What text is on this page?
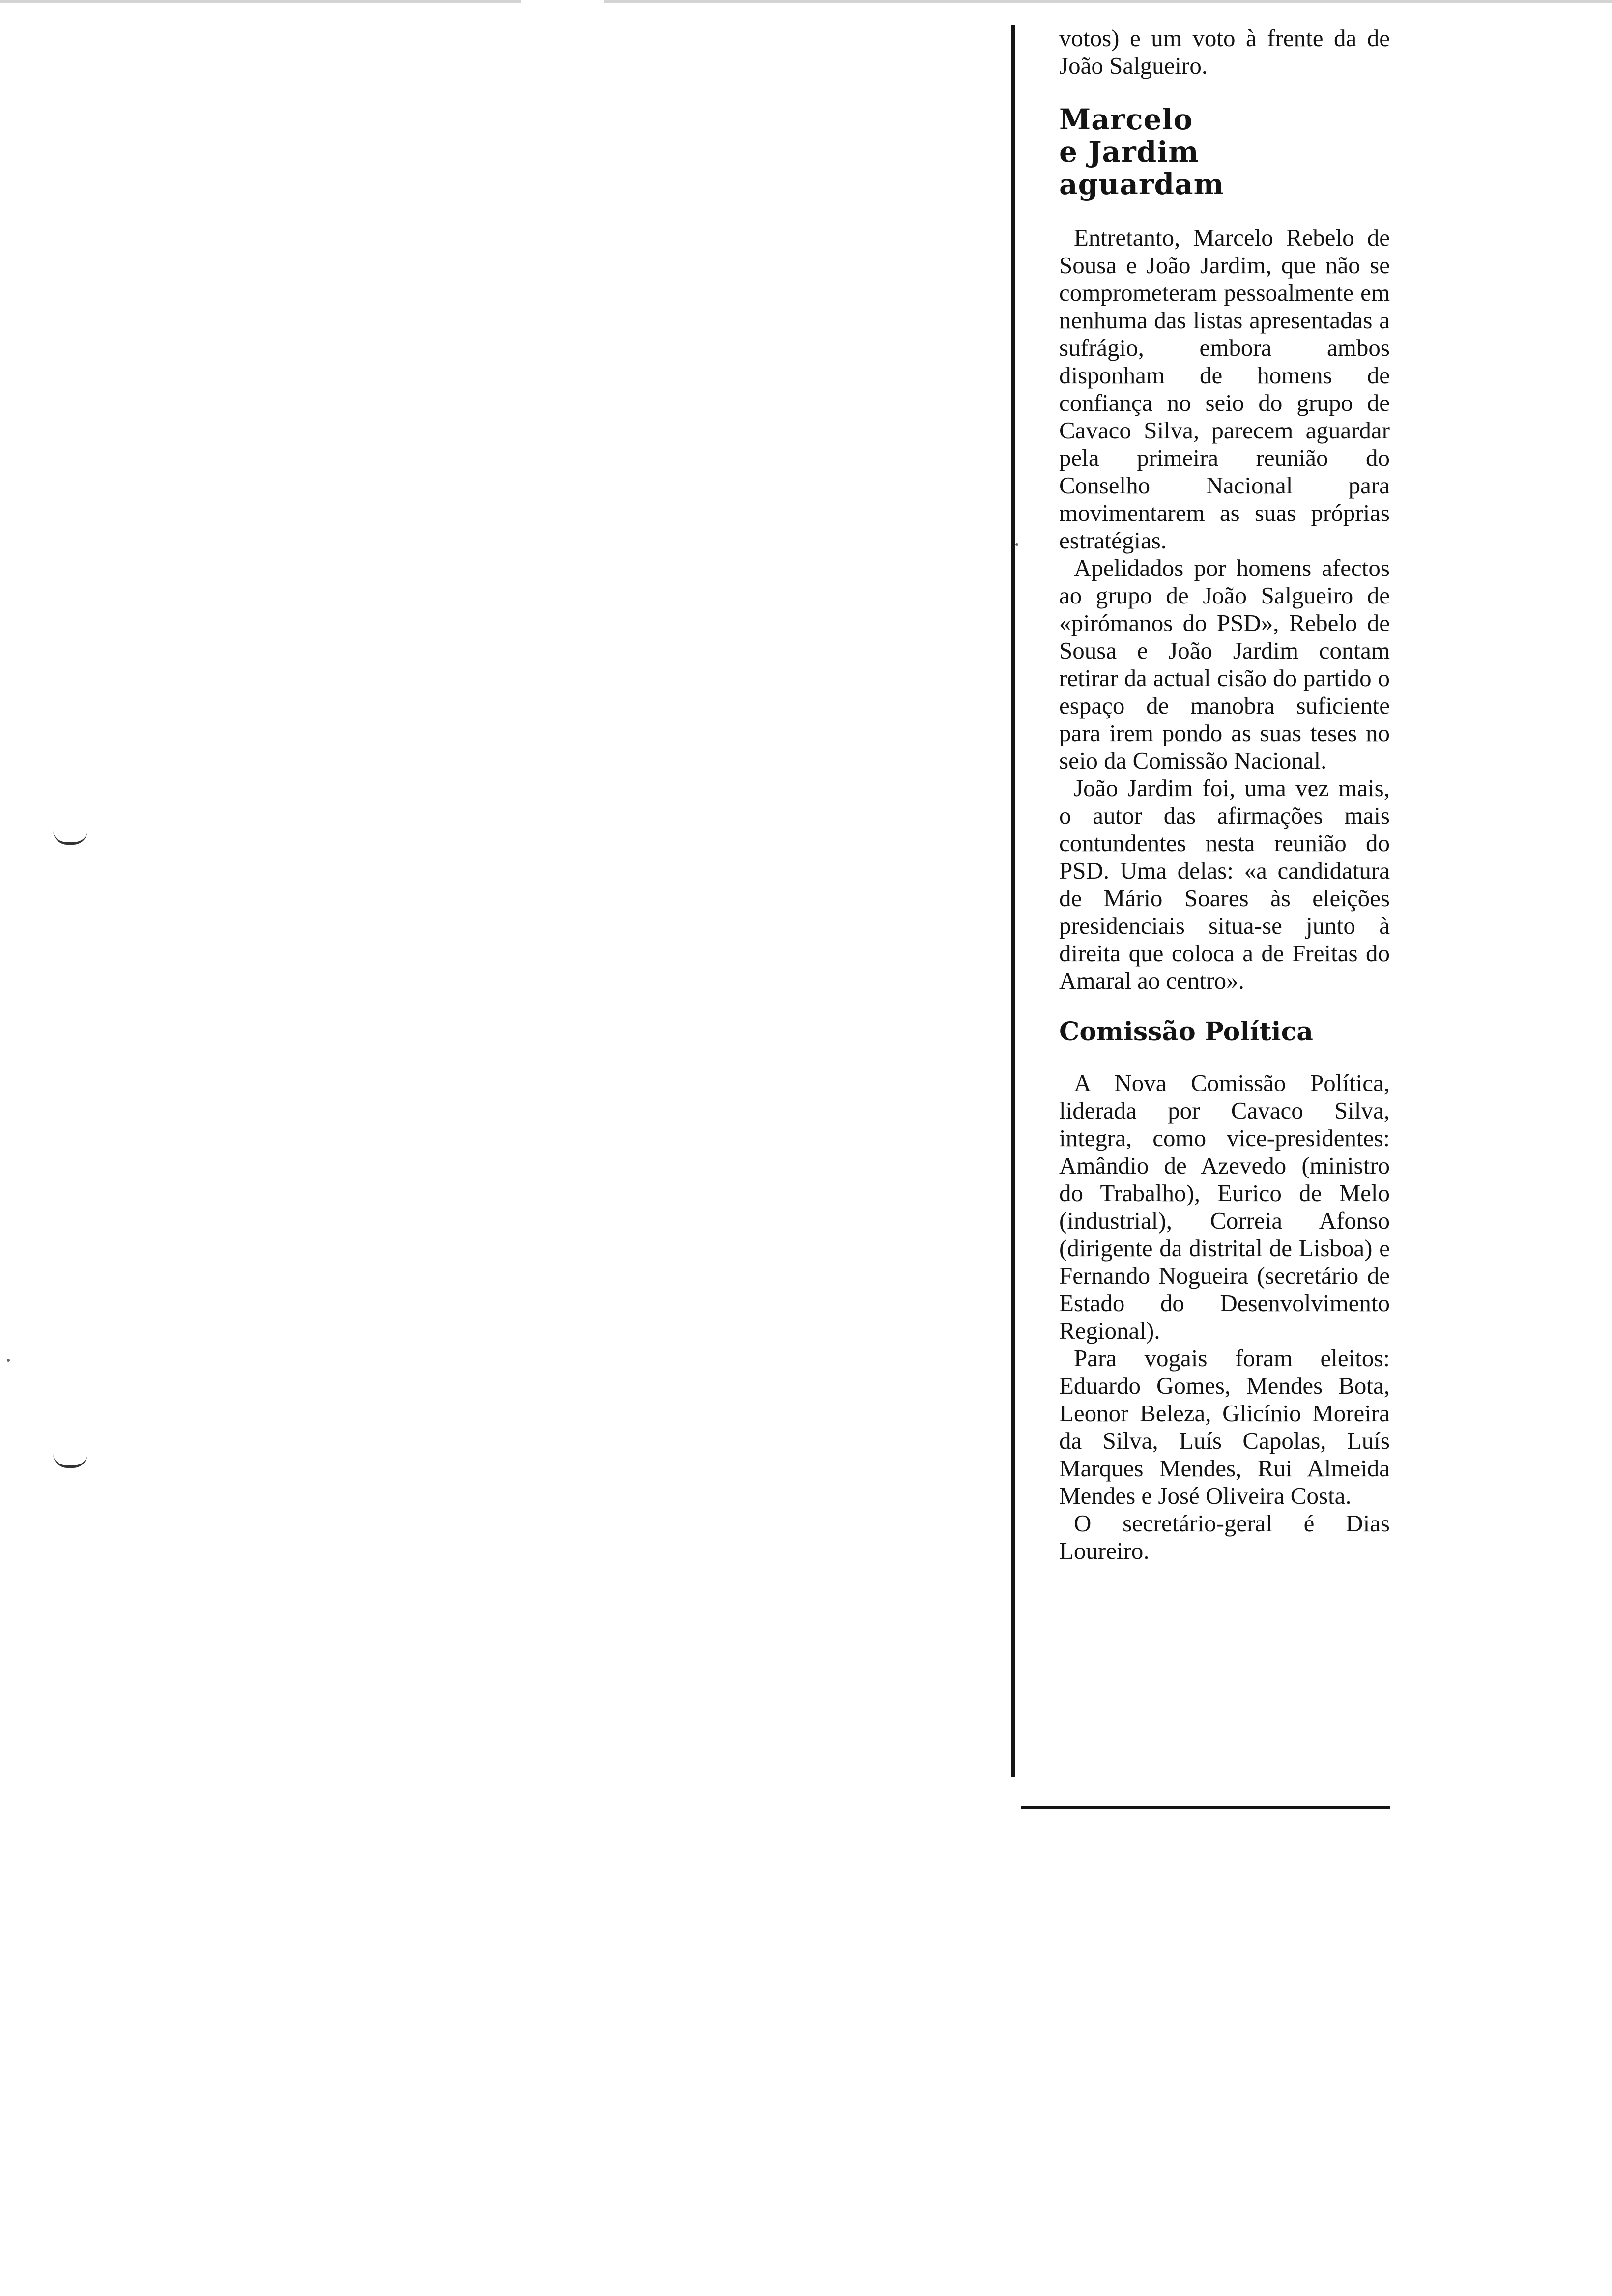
votos) e um voto à frente da de João Salgueiro.

Marcelo

e Jardim

aguardam

Entretanto, Marcelo Rebelo de Sousa e João Jardim, que não se comprometeram pessoalmente em nenhuma das listas apresentadas a sufrágio, embora ambos disponham de homens de confiança no seio do grupo de Cavaco Silva, parecem aguardar pela primeira reunião do Conselho Nacional para movimentarem as suas próprias estratégias.

Apelidados por homens afectos ao grupo de João Salgueiro de «pirómanos do PSD», Rebelo de Sousa e João Jardim contam retirar da actual cisão do partido o espaço de manobra suficiente para irem pondo as suas teses no seio da Comissão Nacional.

João Jardim foi, uma vez mais, o autor das afirmações mais contundentes nesta reunião do PSD. Uma delas: «a candidatura de Mário Soares às eleições presidenciais situa-se junto à direita que coloca a de Freitas do Amaral ao centro».

Comissão Política

A Nova Comissão Política, liderada por Cavaco Silva, integra, como vice-presidentes: Amândio de Azevedo (ministro do Trabalho), Eurico de Melo (industrial), Correia Afonso (dirigente da distrital de Lisboa) e Fernando Nogueira (secretário de Estado do Desenvolvimento Regional).

Para vogais foram eleitos: Eduardo Gomes, Mendes Bota, Leonor Beleza, Glicínio Moreira da Silva, Luís Capolas, Luís Marques Mendes, Rui Almeida Mendes e José Oliveira Costa.

O secretário-geral é Dias Loureiro.
